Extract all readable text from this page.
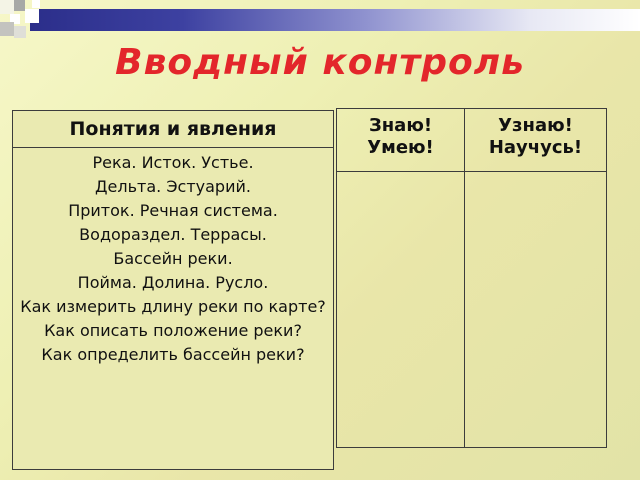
Вводный контроль
Понятия и явления
Река. Исток. Устье.
Дельта. Эстуарий.
Приток. Речная система.
Водораздел. Террасы.
Бассейн реки.
Пойма. Долина. Русло.
Как измерить длину реки по карте?
Как описать положение реки?
Как определить бассейн реки?
Знаю!
Умею!
Узнаю!
Научусь!
